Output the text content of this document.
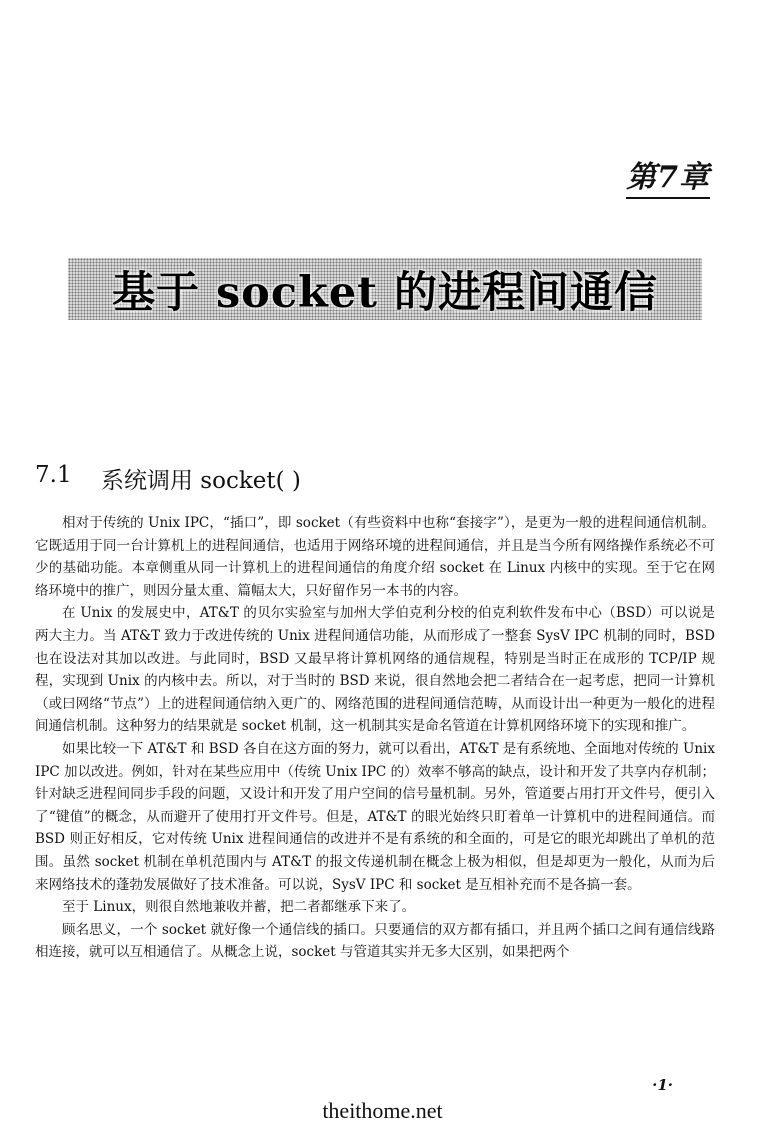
第7章
基于 socket 的进程间通信
7.1 系统调用 socket( )

相对于传统的 Unix IPC，“插口”，即 socket（有些资料中也称“套接字”），是更为一般的进程间通信机制。它既适用于同一台计算机上的进程间通信，也适用于网络环境的进程间通信，并且是当今所有网络操作系统必不可少的基础功能。本章侧重从同一计算机上的进程间通信的角度介绍 socket 在 Linux 内核中的实现。至于它在网络环境中的推广，则因分量太重、篇幅太大，只好留作另一本书的内容。

在 Unix 的发展史中，AT&T 的贝尔实验室与加州大学伯克利分校的伯克利软件发布中心（BSD）可以说是两大主力。当 AT&T 致力于改进传统的 Unix 进程间通信功能，从而形成了一整套 SysV IPC 机制的同时，BSD 也在设法对其加以改进。与此同时，BSD 又最早将计算机网络的通信规程，特别是当时正在成形的 TCP/IP 规程，实现到 Unix 的内核中去。所以，对于当时的 BSD 来说，很自然地会把二者结合在一起考虑，把同一计算机（或曰网络“节点”）上的进程间通信纳入更广的、网络范围的进程间通信范畴，从而设计出一种更为一般化的进程间通信机制。这种努力的结果就是 socket 机制，这一机制其实是命名管道在计算机网络环境下的实现和推广。

如果比较一下 AT&T 和 BSD 各自在这方面的努力，就可以看出，AT&T 是有系统地、全面地对传统的 Unix IPC 加以改进。例如，针对在某些应用中（传统 Unix IPC 的）效率不够高的缺点，设计和开发了共享内存机制；针对缺乏进程间同步手段的问题，又设计和开发了用户空间的信号量机制。另外，管道要占用打开文件号，便引入了“键值”的概念，从而避开了使用打开文件号。但是，AT&T 的眼光始终只盯着单一计算机中的进程间通信。而 BSD 则正好相反，它对传统 Unix 进程间通信的改进并不是有系统的和全面的，可是它的眼光却跳出了单机的范围。虽然 socket 机制在单机范围内与 AT&T 的报文传递机制在概念上极为相似，但是却更为一般化，从而为后来网络技术的蓬勃发展做好了技术准备。可以说，SysV IPC 和 socket 是互相补充而不是各搞一套。

至于 Linux，则很自然地兼收并蓄，把二者都继承下来了。

顾名思义，一个 socket 就好像一个通信线的插口。只要通信的双方都有插口，并且两个插口之间有通信线路相连接，就可以互相通信了。从概念上说，socket 与管道其实并无多大区别，如果把两个

·1·
theithome.net
